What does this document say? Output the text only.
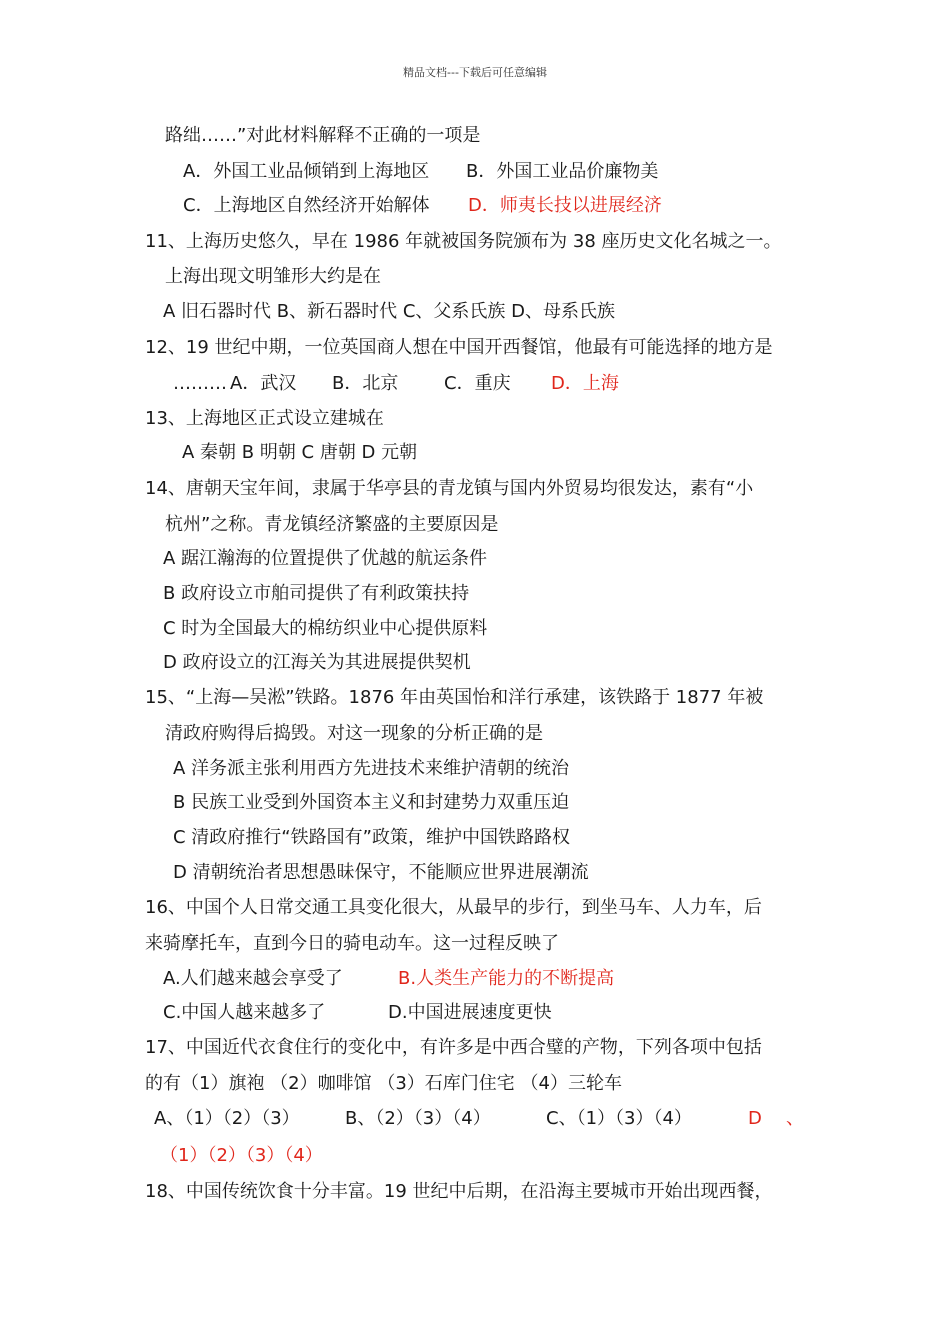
精品文档---下载后可任意编辑
路绌……”对此材料解释不正确的一项是
A．外国工业品倾销到上海地区 B．外国工业品价廉物美
C．上海地区自然经济开始解体 D．师夷长技以进展经济
11、上海历史悠久，早在 1986 年就被国务院颁布为 38 座历史文化名城之一。
上海出现文明雏形大约是在
A 旧石器时代 B、新石器时代 C、父系氏族 D、母系氏族
12、19 世纪中期，一位英国商人想在中国开西餐馆，他最有可能选择的地方是
……… A．武汉 B．北京	C．重庆 D．上海
13、上海地区正式设立建城在
A 秦朝 B 明朝 C 唐朝 D 元朝
14、唐朝天宝年间，隶属于华亭县的青龙镇与国内外贸易均很发达，素有“小
杭州”之称。青龙镇经济繁盛的主要原因是
A 踞江瀚海的位置提供了优越的航运条件
B 政府设立市舶司提供了有利政策扶持
C 时为全国最大的棉纺织业中心提供原料
D 政府设立的江海关为其进展提供契机
15、“上海—吴淞”铁路。1876 年由英国怡和洋行承建，该铁路于 1877 年被
清政府购得后捣毁。对这一现象的分析正确的是
A 洋务派主张利用西方先进技术来维护清朝的统治
B 民族工业受到外国资本主义和封建势力双重压迫
C 清政府推行“铁路国有”政策，维护中国铁路路权
D 清朝统治者思想愚昧保守，不能顺应世界进展潮流
16、中国个人日常交通工具变化很大，从最早的步行，到坐马车、人力车，后
来骑摩托车，直到今日的骑电动车。这一过程反映了
A.人们越来越会享受了	B.人类生产能力的不断提高
C.中国人越来越多了	D.中国进展速度更快
17、中国近代衣食住行的变化中，有许多是中西合璧的产物，下列各项中包括
的有（1）旗袍 （2）咖啡馆 （3）石库门住宅 （4）三轮车
A、（1）（2）（3）	B、（2）（3）（4）	C、（1）（3）（4）	D 、
（1）（2）（3）（4）
18、中国传统饮食十分丰富。19 世纪中后期，在沿海主要城市开始出现西餐，
